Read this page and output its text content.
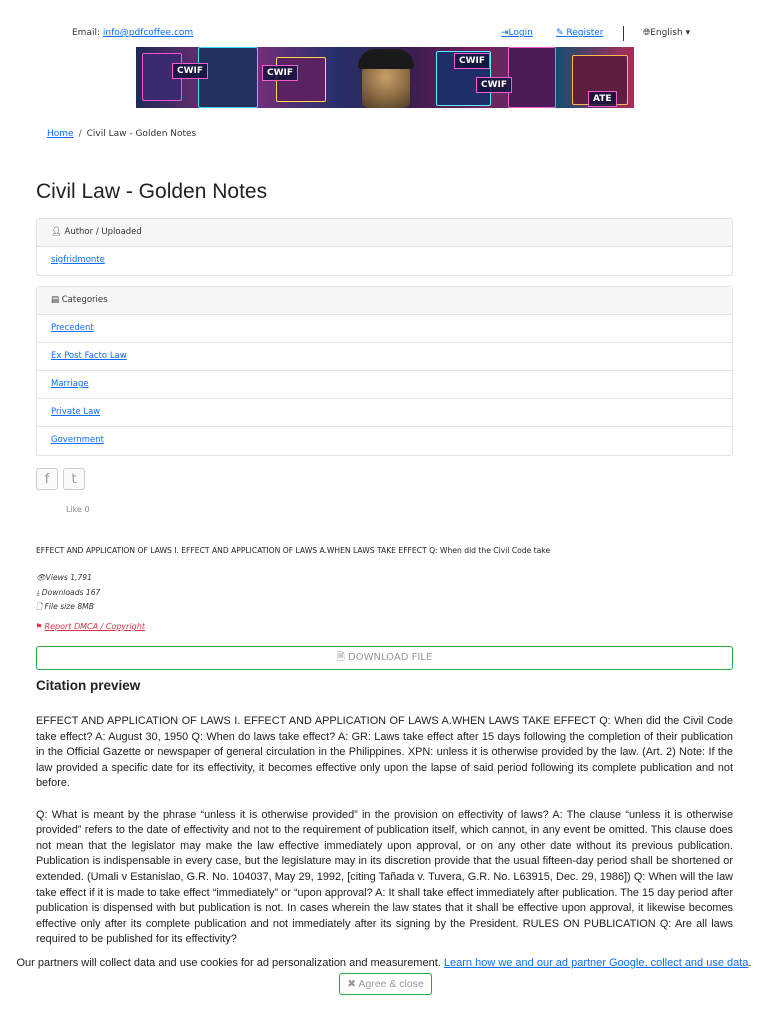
Email: info@pdfcoffee.com	⇥Login	✎ Register	🌐︎English ▾
CWIF	CWIF
CWIF
CWIF
ATE
Home / Civil Law - Golden Notes
Civil Law - Golden Notes
👤︎ Author / Uploaded
sigfridmonte
▤ Categories
Precedent
Ex Post Facto Law
Marriage
Private Law
Government
f	t
Like 0
EFFECT AND APPLICATION OF LAWS I. EFFECT AND APPLICATION OF LAWS A.WHEN LAWS TAKE EFFECT Q: When did the Civil Code take
👁︎Views 1,791
⤓ Downloads 167
🗋︎ File size 8MB
⚑ Report DMCA / Copyright
🗎︎ DOWNLOAD FILE
Citation preview

EFFECT AND APPLICATION OF LAWS I. EFFECT AND APPLICATION OF LAWS A.WHEN LAWS TAKE EFFECT Q: When did the Civil Code take effect? A: August 30, 1950 Q: When do laws take effect? A: GR: Laws take effect after 15 days following the completion of their publication in the Official Gazette or newspaper of general circulation in the Philippines. XPN: unless it is otherwise provided by the law. (Art. 2) Note: If the law provided a specific date for its effectivity, it becomes effective only upon the lapse of said period following its complete publication and not before.

Q: What is meant by the phrase “unless it is otherwise provided” in the provision on effectivity of laws? A: The clause “unless it is otherwise provided” refers to the date of effectivity and not to the requirement of publication itself, which cannot, in any event be omitted. This clause does not mean that the legislator may make the law effective immediately upon approval, or on any other date without its previous publication. Publication is indispensable in every case, but the legislature may in its discretion provide that the usual fifteen-day period shall be shortened or extended. (Umali v Estanislao, G.R. No. 104037, May 29, 1992, [citing Tañada v. Tuvera, G.R. No. L63915, Dec. 29, 1986]) Q: When will the law take effect if it is made to take effect “immediately” or “upon approval? A: It shall take effect immediately after publication. The 15 day period after publication is dispensed with but publication is not. In cases wherein the law states that it shall be effective upon approval, it likewise becomes effective only after its complete publication and not immediately after its signing by the President. RULES ON PUBLICATION Q: Are all laws required to be published for its effectivity?

Our partners will collect data and use cookies for ad personalization and measurement. Learn how we and our ad partner Google, collect and use data. ✖ Agree & close
